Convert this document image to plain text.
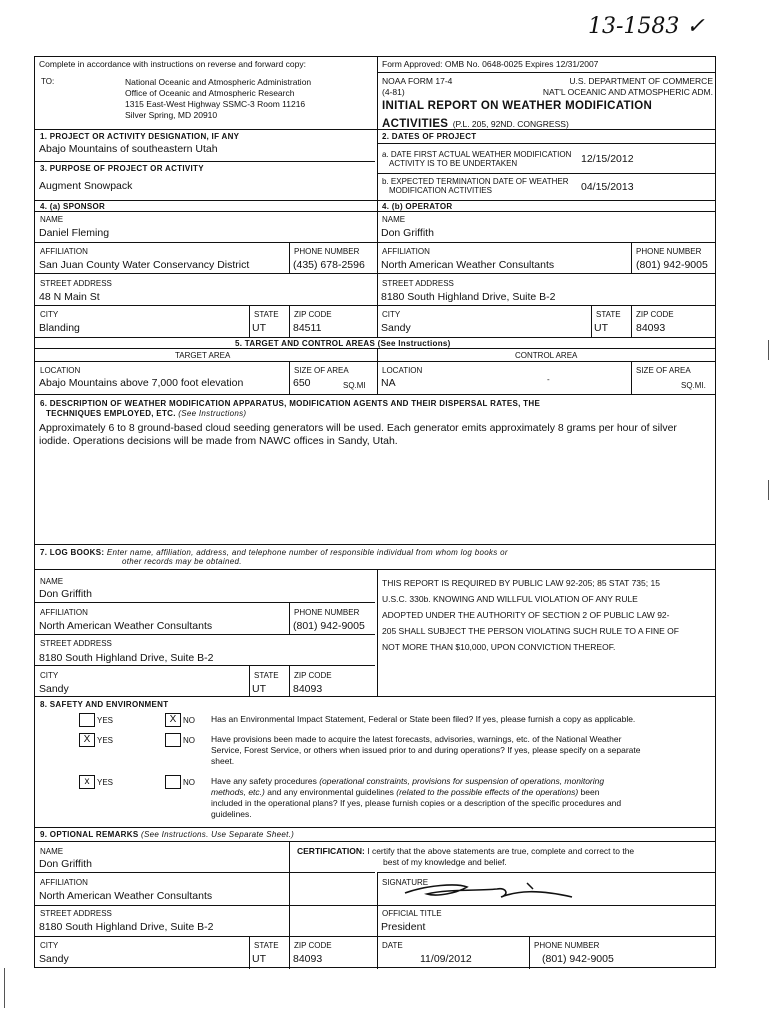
13-1583 ✓
Complete in accordance with instructions on reverse and forward copy:
TO:	National Oceanic and Atmospheric Administration
Office of Oceanic and Atmospheric Research
1315 East-West Highway SSMC-3 Room 11216
Silver Spring, MD 20910
Form Approved: OMB No. 0648-0025 Expires 12/31/2007
NOAA FORM 17-4
(4-81)
U.S. DEPARTMENT OF COMMERCE
NAT'L OCEANIC AND ATMOSPHERIC ADM.
INITIAL REPORT ON WEATHER MODIFICATION
ACTIVITIES (P.L. 205, 92ND. CONGRESS)
1. PROJECT OR ACTIVITY DESIGNATION, IF ANY
Abajo Mountains of southeastern Utah
2. DATES OF PROJECT
a. DATE FIRST ACTUAL WEATHER MODIFICATION
ACTIVITY IS TO BE UNDERTAKEN	12/15/2012
3. PURPOSE OF PROJECT OR ACTIVITY
b. EXPECTED TERMINATION DATE OF WEATHER
MODIFICATION ACTIVITIES	04/15/2013
Augment Snowpack
4. (a) SPONSOR	4. (b) OPERATOR
NAME
Daniel Fleming
NAME
Don Griffith
AFFILIATION
San Juan County Water Conservancy District
PHONE NUMBER
(435) 678-2596
AFFILIATION
North American Weather Consultants
PHONE NUMBER
(801) 942-9005
STREET ADDRESS
48 N Main St
STREET ADDRESS
8180 South Highland Drive, Suite B-2
CITY
Blanding
STATE
UT
ZIP CODE
84511
CITY
Sandy
STATE
UT
ZIP CODE
84093
5. TARGET AND CONTROL AREAS (See Instructions)
TARGET AREA	CONTROL AREA
LOCATION
Abajo Mountains above 7,000 foot elevation
SIZE OF AREA
650	SQ.MI
LOCATION
NA	-
SIZE OF AREA
SQ.MI.
6. DESCRIPTION OF WEATHER MODIFICATION APPARATUS, MODIFICATION AGENTS AND THEIR DISPERSAL RATES, THE
TECHNIQUES EMPLOYED, ETC. (See Instructions)
Approximately 6 to 8 ground-based cloud seeding generators will be used. Each generator emits approximately 8 grams per hour of silver iodide. Operations decisions will be made from NAWC offices in Sandy, Utah.
7. LOG BOOKS: Enter name, affiliation, address, and telephone number of responsible individual from whom log books or
other records may be obtained.
NAME
Don Griffith
AFFILIATION
North American Weather Consultants
PHONE NUMBER
(801) 942-9005
STREET ADDRESS
8180 South Highland Drive, Suite B-2
CITY
Sandy
STATE
UT
ZIP CODE
84093
THIS REPORT IS REQUIRED BY PUBLIC LAW 92-205; 85 STAT 735; 15
U.S.C. 330b. KNOWING AND WILLFUL VIOLATION OF ANY RULE
ADOPTED UNDER THE AUTHORITY OF SECTION 2 OF PUBLIC LAW 92-
205 SHALL SUBJECT THE PERSON VIOLATING SUCH RULE TO A FINE OF
NOT MORE THAN $10,000, UPON CONVICTION THEREOF.
8. SAFETY AND ENVIRONMENT
YES	X NO Has an Environmental Impact Statement, Federal or State been filed? If yes, please furnish a copy as applicable.
X YES	NO Have provisions been made to acquire the latest forecasts, advisories, warnings, etc. of the National Weather
Service, Forest Service, or others when issued prior to and during operations? If yes, please specify on a separate
sheet.
x YES	NO Have any safety procedures (operational constraints, provisions for suspension of operations, monitoring
methods, etc.) and any environmental guidelines (related to the possible effects of the operations) been
included in the operational plans? If yes, please furnish copies or a description of the specific procedures and
guidelines.
9. OPTIONAL REMARKS (See Instructions. Use Separate Sheet.)
NAME
Don Griffith
CERTIFICATION: I certify that the above statements are true, complete and correct to the
best of my knowledge and belief.
AFFILIATION
North American Weather Consultants
SIGNATURE
STREET ADDRESS
8180 South Highland Drive, Suite B-2
OFFICIAL TITLE
President
CITY
Sandy
STATE
UT
ZIP CODE
84093
DATE
11/09/2012
PHONE NUMBER
(801) 942-9005
